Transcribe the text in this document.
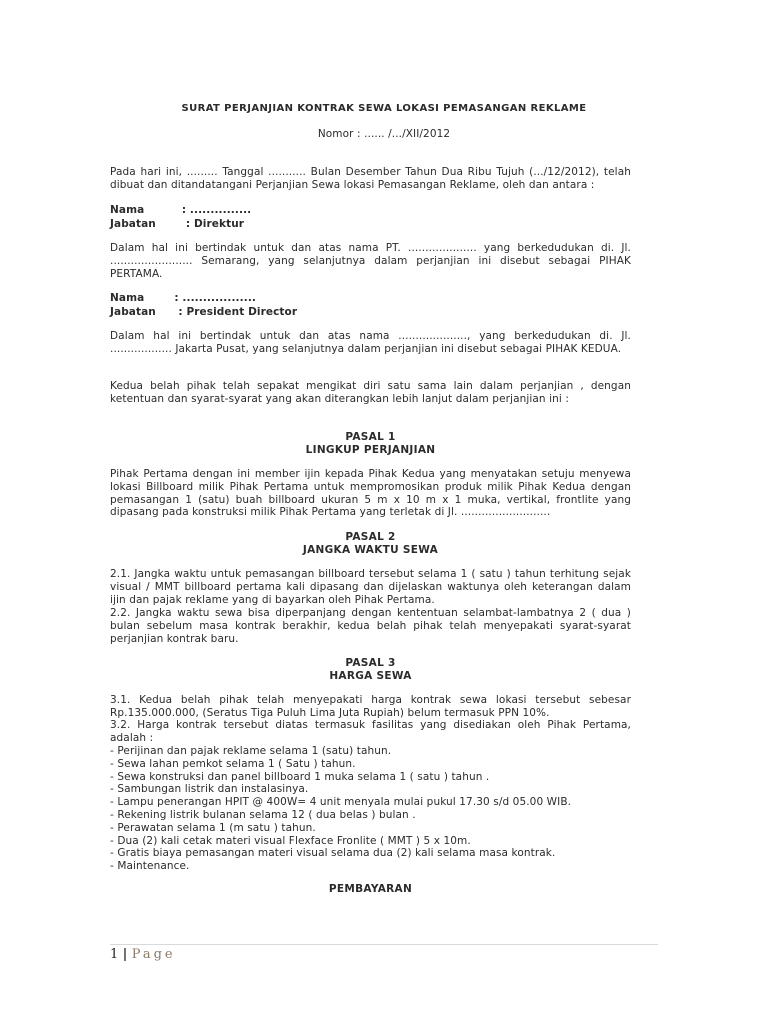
SURAT PERJANJIAN KONTRAK SEWA LOKASI PEMASANGAN REKLAME
Nomor : ...... /.../XII/2012
Pada hari ini, ......... Tanggal ........... Bulan Desember Tahun Dua Ribu Tujuh (.../12/2012), telah dibuat dan ditandatangani Perjanjian Sewa lokasi Pemasangan Reklame, oleh dan antara :
Nama          : ...............
Jabatan        : Direktur
Dalam hal ini bertindak untuk dan atas nama PT. .................... yang berkedudukan di. Jl. ........................ Semarang, yang selanjutnya dalam perjanjian ini disebut sebagai PIHAK PERTAMA.
Nama        : ..................
Jabatan      : President Director
Dalam hal ini bertindak untuk dan atas nama ...................., yang berkedudukan di. Jl. .................. Jakarta Pusat, yang selanjutnya dalam perjanjian ini disebut sebagai PIHAK KEDUA.
Kedua belah pihak telah sepakat mengikat diri satu sama lain dalam perjanjian , dengan ketentuan dan syarat-syarat yang akan diterangkan lebih lanjut dalam perjanjian ini :
PASAL 1
LINGKUP PERJANJIAN
Pihak Pertama dengan ini member ijin kepada Pihak Kedua yang menyatakan setuju menyewa lokasi Billboard milik Pihak Pertama untuk mempromosikan produk milik Pihak Kedua dengan pemasangan 1 (satu) buah billboard ukuran 5 m x 10 m x 1 muka, vertikal, frontlite yang dipasang pada konstruksi milik Pihak Pertama yang terletak di Jl. ..........................
PASAL 2
JANGKA WAKTU SEWA
2.1. Jangka waktu untuk pemasangan billboard tersebut selama 1 ( satu ) tahun terhitung sejak visual / MMT billboard pertama kali dipasang dan dijelaskan waktunya oleh keterangan dalam ijin dan pajak reklame yang di bayarkan oleh Pihak Pertama.
2.2. Jangka waktu sewa bisa diperpanjang dengan kententuan selambat-lambatnya 2 ( dua ) bulan sebelum masa kontrak berakhir, kedua belah pihak telah menyepakati syarat-syarat perjanjian kontrak baru.
PASAL 3
HARGA SEWA
3.1. Kedua belah pihak telah menyepakati harga kontrak sewa lokasi tersebut sebesar Rp.135.000.000, (Seratus Tiga Puluh Lima Juta Rupiah) belum termasuk PPN 10%.
3.2. Harga kontrak tersebut diatas termasuk fasilitas yang disediakan oleh Pihak Pertama, adalah :
- Perijinan dan pajak reklame selama 1 (satu) tahun.
- Sewa lahan pemkot selama 1 ( Satu ) tahun.
- Sewa konstruksi dan panel billboard 1 muka selama 1 ( satu ) tahun .
- Sambungan listrik dan instalasinya.
- Lampu penerangan HPIT @ 400W= 4 unit menyala mulai pukul 17.30 s/d 05.00 WIB.
- Rekening listrik bulanan selama 12 ( dua belas ) bulan .
- Perawatan selama 1 (m satu ) tahun.
- Dua (2) kali cetak materi visual Flexface Fronlite ( MMT ) 5 x 10m.
- Gratis biaya pemasangan materi visual selama dua (2) kali selama masa kontrak.
- Maintenance.
PEMBAYARAN
1 | Page
